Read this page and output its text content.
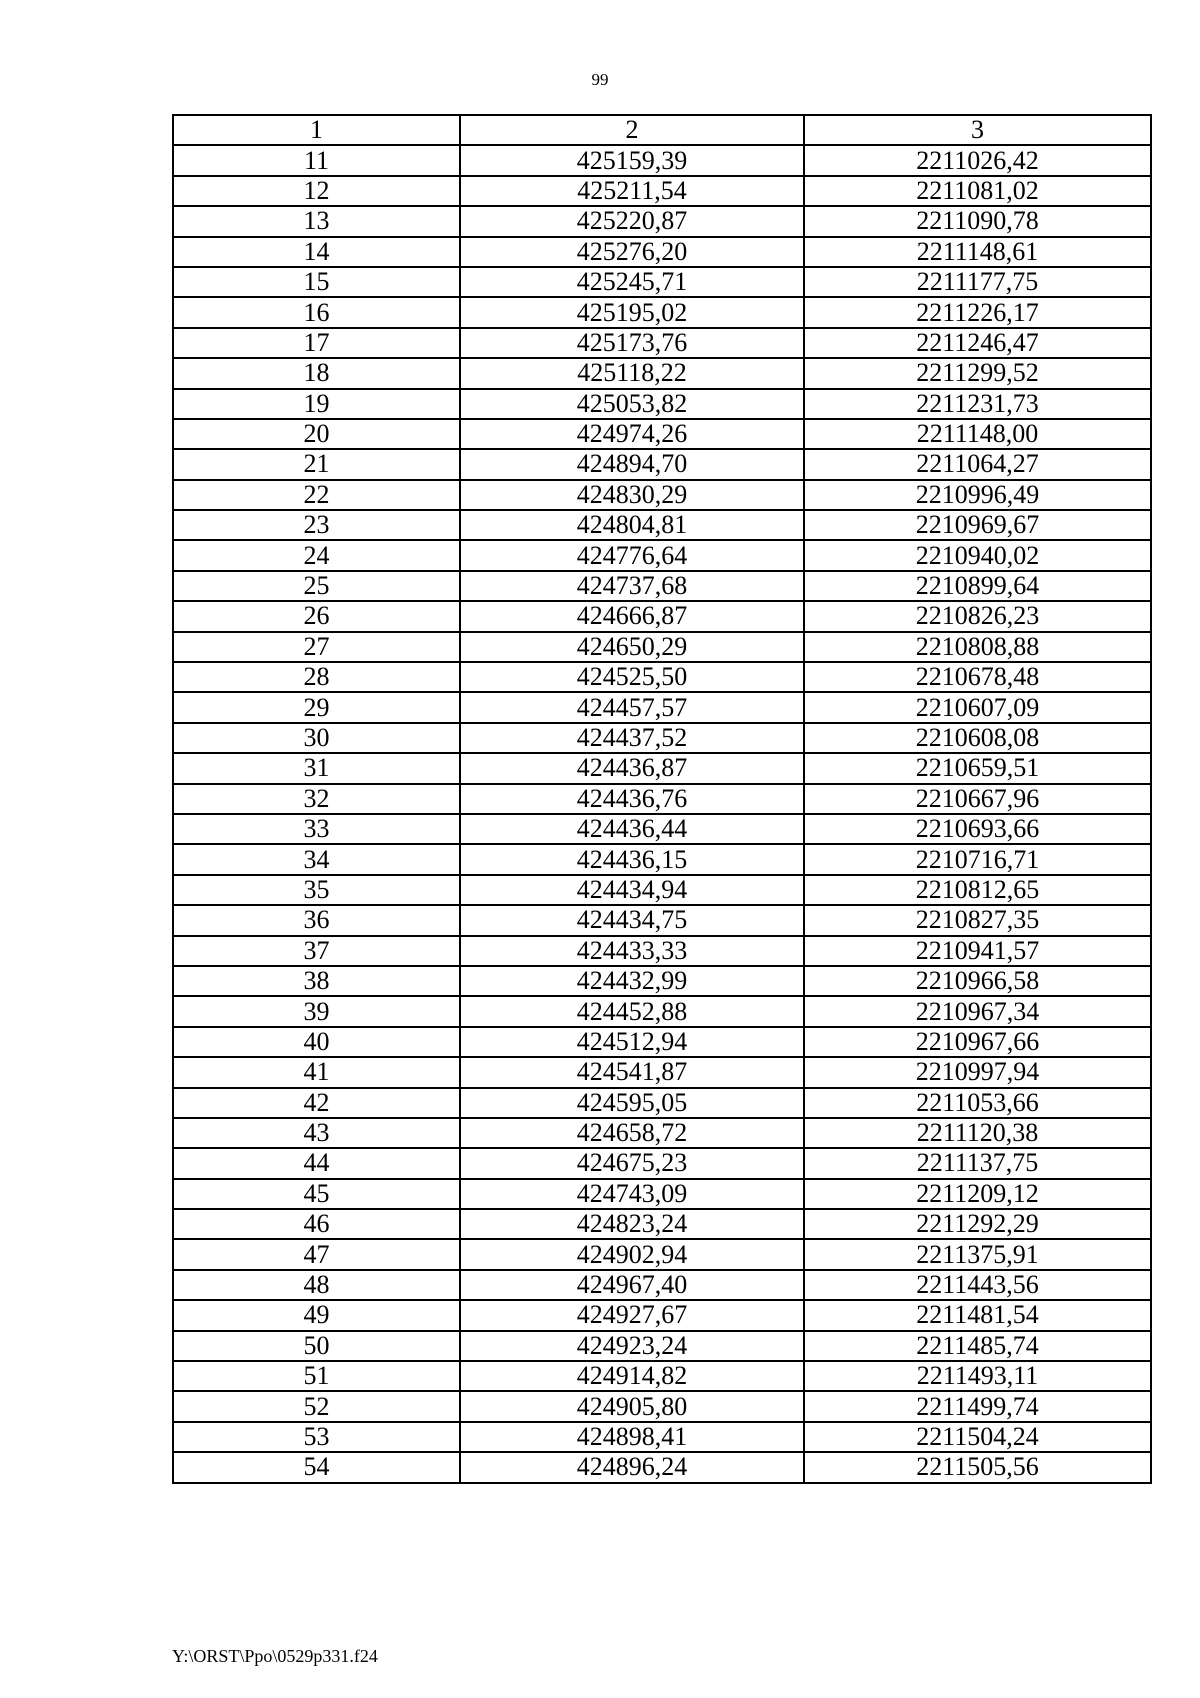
99
1	2	3
11	425159,39	2211026,42
12	425211,54	2211081,02
13	425220,87	2211090,78
14	425276,20	2211148,61
15	425245,71	2211177,75
16	425195,02	2211226,17
17	425173,76	2211246,47
18	425118,22	2211299,52
19	425053,82	2211231,73
20	424974,26	2211148,00
21	424894,70	2211064,27
22	424830,29	2210996,49
23	424804,81	2210969,67
24	424776,64	2210940,02
25	424737,68	2210899,64
26	424666,87	2210826,23
27	424650,29	2210808,88
28	424525,50	2210678,48
29	424457,57	2210607,09
30	424437,52	2210608,08
31	424436,87	2210659,51
32	424436,76	2210667,96
33	424436,44	2210693,66
34	424436,15	2210716,71
35	424434,94	2210812,65
36	424434,75	2210827,35
37	424433,33	2210941,57
38	424432,99	2210966,58
39	424452,88	2210967,34
40	424512,94	2210967,66
41	424541,87	2210997,94
42	424595,05	2211053,66
43	424658,72	2211120,38
44	424675,23	2211137,75
45	424743,09	2211209,12
46	424823,24	2211292,29
47	424902,94	2211375,91
48	424967,40	2211443,56
49	424927,67	2211481,54
50	424923,24	2211485,74
51	424914,82	2211493,11
52	424905,80	2211499,74
53	424898,41	2211504,24
54	424896,24	2211505,56
Y:\ORST\Ppo\0529p331.f24
